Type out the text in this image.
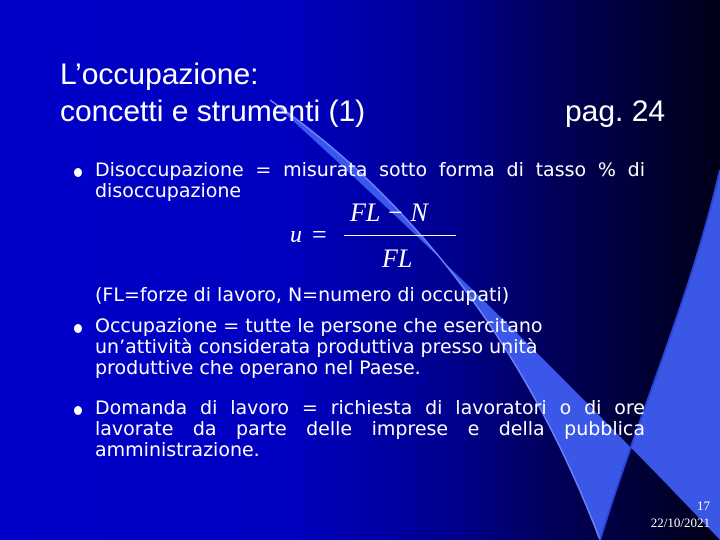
L’occupazione:
concetti e strumenti (1)	pag. 24
Disoccupazione = misurata sotto forma di tasso % di disoccupazione
u =
FL − N
FL
(FL=forze di lavoro, N=numero di occupati)
Occupazione = tutte le persone che esercitano un’attività considerata produttiva presso unità produttive che operano nel Paese.
Domanda di lavoro = richiesta di lavoratori o di ore lavorate da parte delle imprese e della pubblica amministrazione.
17
22/10/2021
